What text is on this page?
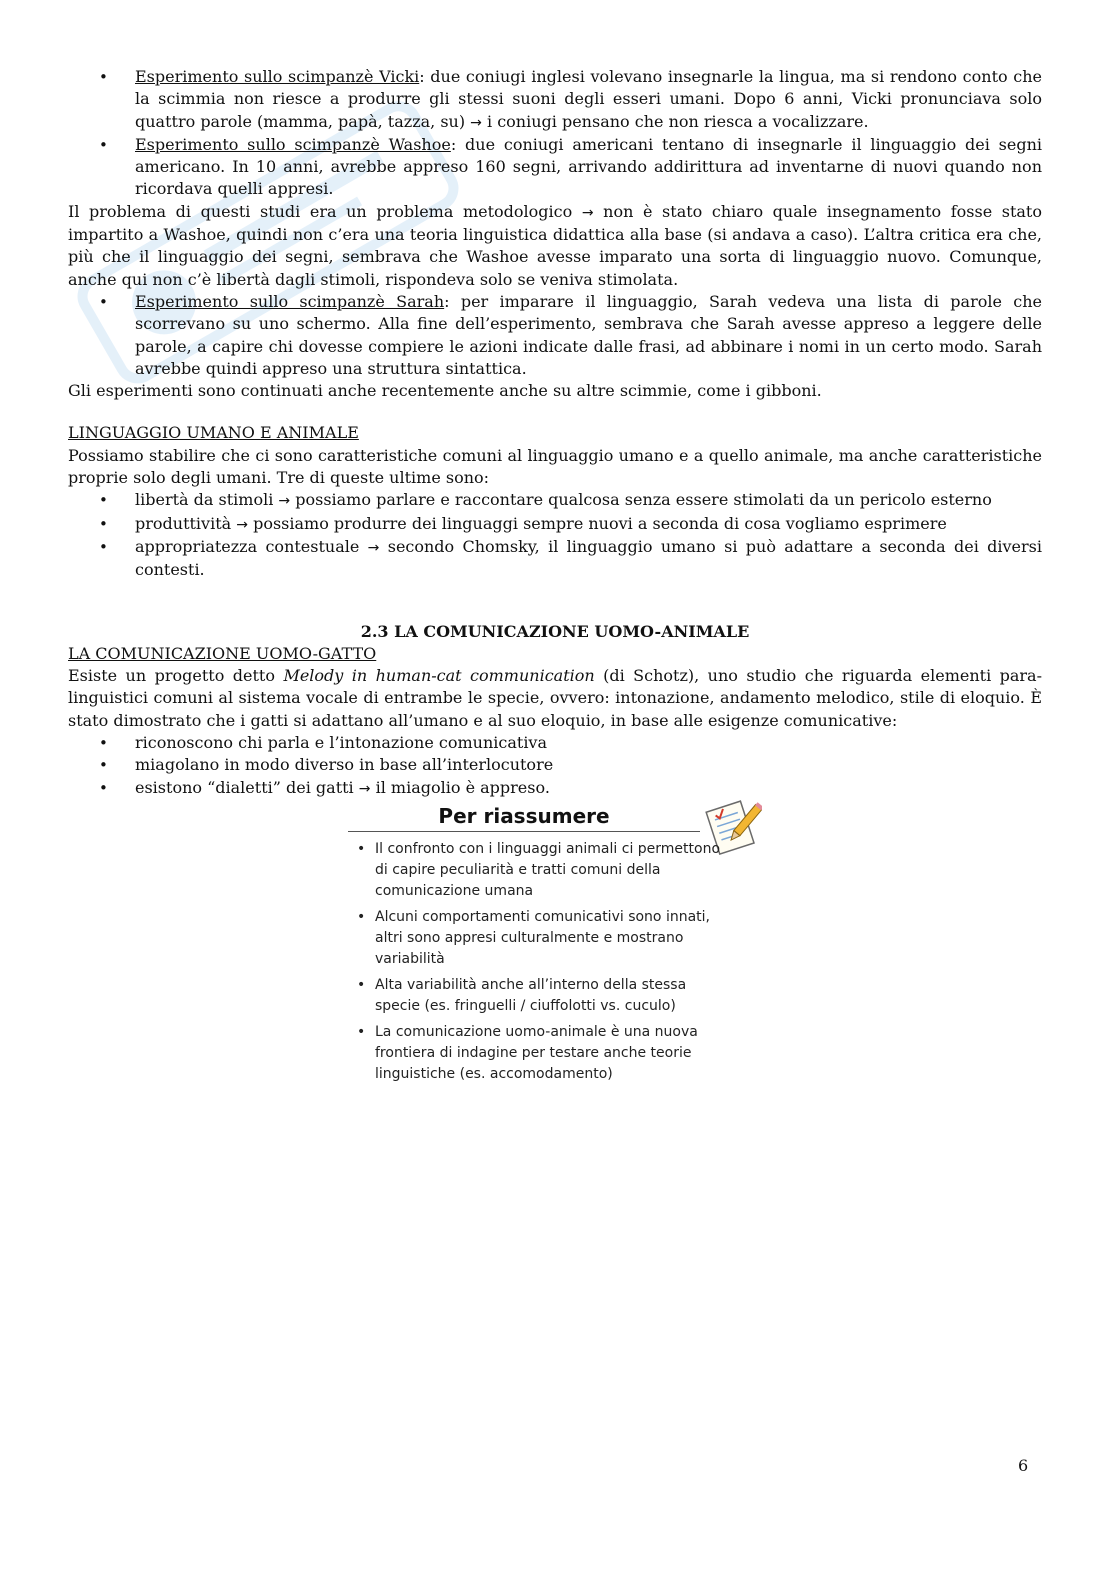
• Esperimento sullo scimpanzè Vicki: due coniugi inglesi volevano insegnarle la lingua, ma si rendono conto che la scimmia non riesce a produrre gli stessi suoni degli esseri umani. Dopo 6 anni, Vicki pronunciava solo quattro parole (mamma, papà, tazza, su) → i coniugi pensano che non riesca a vocalizzare.
• Esperimento sullo scimpanzè Washoe: due coniugi americani tentano di insegnarle il linguaggio dei segni americano. In 10 anni, avrebbe appreso 160 segni, arrivando addirittura ad inventarne di nuovi quando non ricordava quelli appresi.

Il problema di questi studi era un problema metodologico → non è stato chiaro quale insegnamento fosse stato impartito a Washoe, quindi non c’era una teoria linguistica didattica alla base (si andava a caso). L’altra critica era che, più che il linguaggio dei segni, sembrava che Washoe avesse imparato una sorta di linguaggio nuovo. Comunque, anche qui non c’è libertà dagli stimoli, rispondeva solo se veniva stimolata.

• Esperimento sullo scimpanzè Sarah: per imparare il linguaggio, Sarah vedeva una lista di parole che scorrevano su uno schermo. Alla fine dell’esperimento, sembrava che Sarah avesse appreso a leggere delle parole, a capire chi dovesse compiere le azioni indicate dalle frasi, ad abbinare i nomi in un certo modo. Sarah avrebbe quindi appreso una struttura sintattica.

Gli esperimenti sono continuati anche recentemente anche su altre scimmie, come i gibboni.

LINGUAGGIO UMANO E ANIMALE

Possiamo stabilire che ci sono caratteristiche comuni al linguaggio umano e a quello animale, ma anche caratteristiche proprie solo degli umani. Tre di queste ultime sono:

• libertà da stimoli → possiamo parlare e raccontare qualcosa senza essere stimolati da un pericolo esterno
• produttività → possiamo produrre dei linguaggi sempre nuovi a seconda di cosa vogliamo esprimere
• appropriatezza contestuale → secondo Chomsky, il linguaggio umano si può adattare a seconda dei diversi contesti.

2.3 LA COMUNICAZIONE UOMO-ANIMALE

LA COMUNICAZIONE UOMO-GATTO

Esiste un progetto detto Melody in human-cat communication (di Schotz), uno studio che riguarda elementi para-linguistici comuni al sistema vocale di entrambe le specie, ovvero: intonazione, andamento melodico, stile di eloquio. È stato dimostrato che i gatti si adattano all’umano e al suo eloquio, in base alle esigenze comunicative:

• riconoscono chi parla e l’intonazione comunicativa
• miagolano in modo diverso in base all’interlocutore
• esistono “dialetti” dei gatti → il miagolio è appreso.
Per riassumere
• Il confronto con i linguaggi animali ci permettono di capire peculiarità e tratti comuni della comunicazione umana
• Alcuni comportamenti comunicativi sono innati, altri sono appresi culturalmente e mostrano variabilità
• Alta variabilità anche all’interno della stessa specie (es. fringuelli / ciuffolotti vs. cuculo)
• La comunicazione uomo-animale è una nuova frontiera di indagine per testare anche teorie linguistiche (es. accomodamento)
6
